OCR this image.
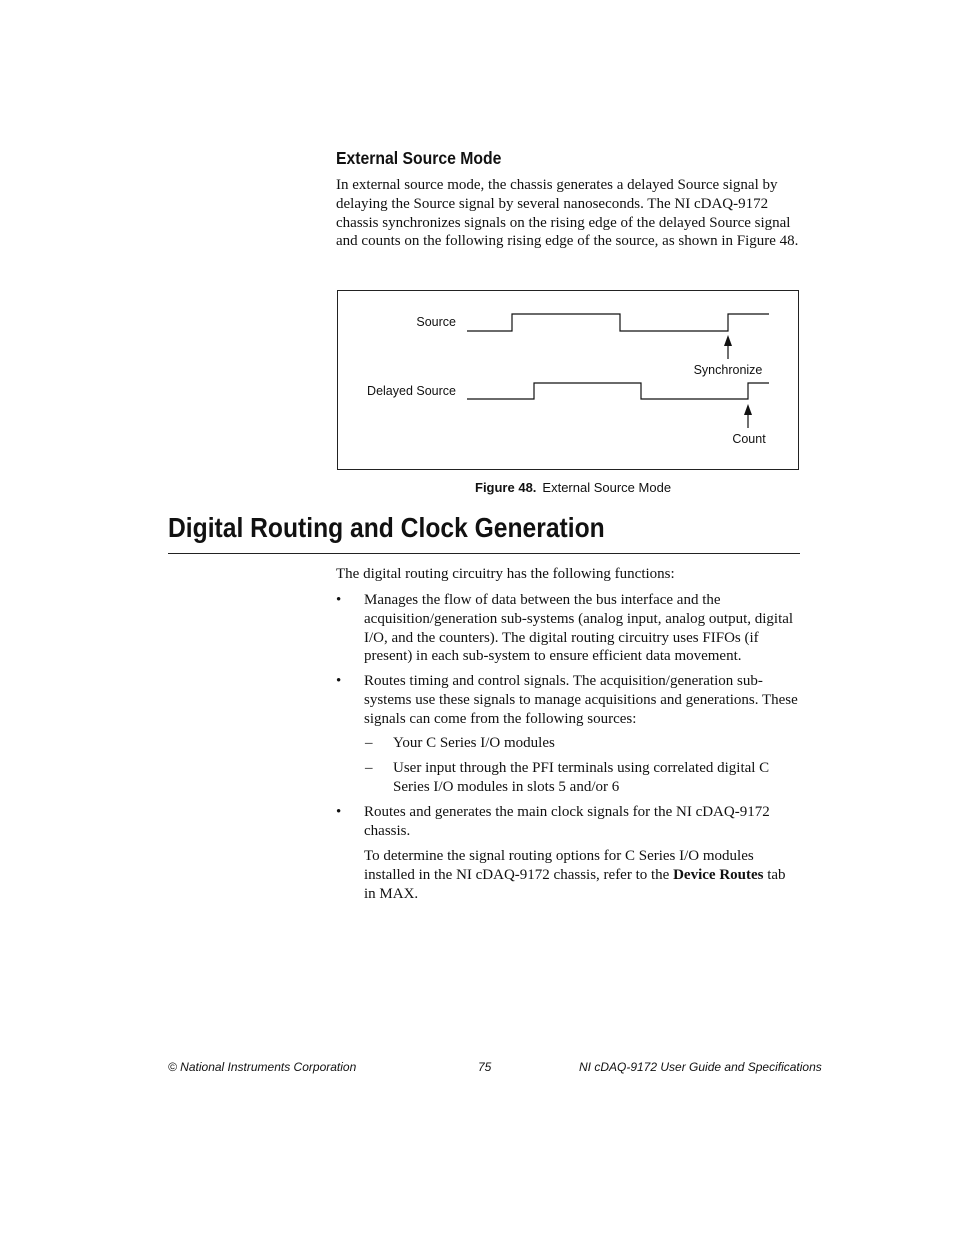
External Source Mode
In external source mode, the chassis generates a delayed Source signal by delaying the Source signal by several nanoseconds. The NI cDAQ-9172 chassis synchronizes signals on the rising edge of the delayed Source signal and counts on the following rising edge of the source, as shown in Figure 48.
Source
Synchronize
Delayed Source
Count
Figure 48. External Source Mode
Digital Routing and Clock Generation
The digital routing circuitry has the following functions:
•	Manages the flow of data between the bus interface and the acquisition/generation sub-systems (analog input, analog output, digital I/O, and the counters). The digital routing circuitry uses FIFOs (if present) in each sub-system to ensure efficient data movement.
•	Routes timing and control signals. The acquisition/generation sub-systems use these signals to manage acquisitions and generations. These signals can come from the following sources:
–	Your C Series I/O modules
–	User input through the PFI terminals using correlated digital C Series I/O modules in slots 5 and/or 6
•	Routes and generates the main clock signals for the NI cDAQ-9172 chassis.
To determine the signal routing options for C Series I/O modules installed in the NI cDAQ-9172 chassis, refer to the Device Routes tab in MAX.
© National Instruments Corporation	75	NI cDAQ-9172 User Guide and Specifications
